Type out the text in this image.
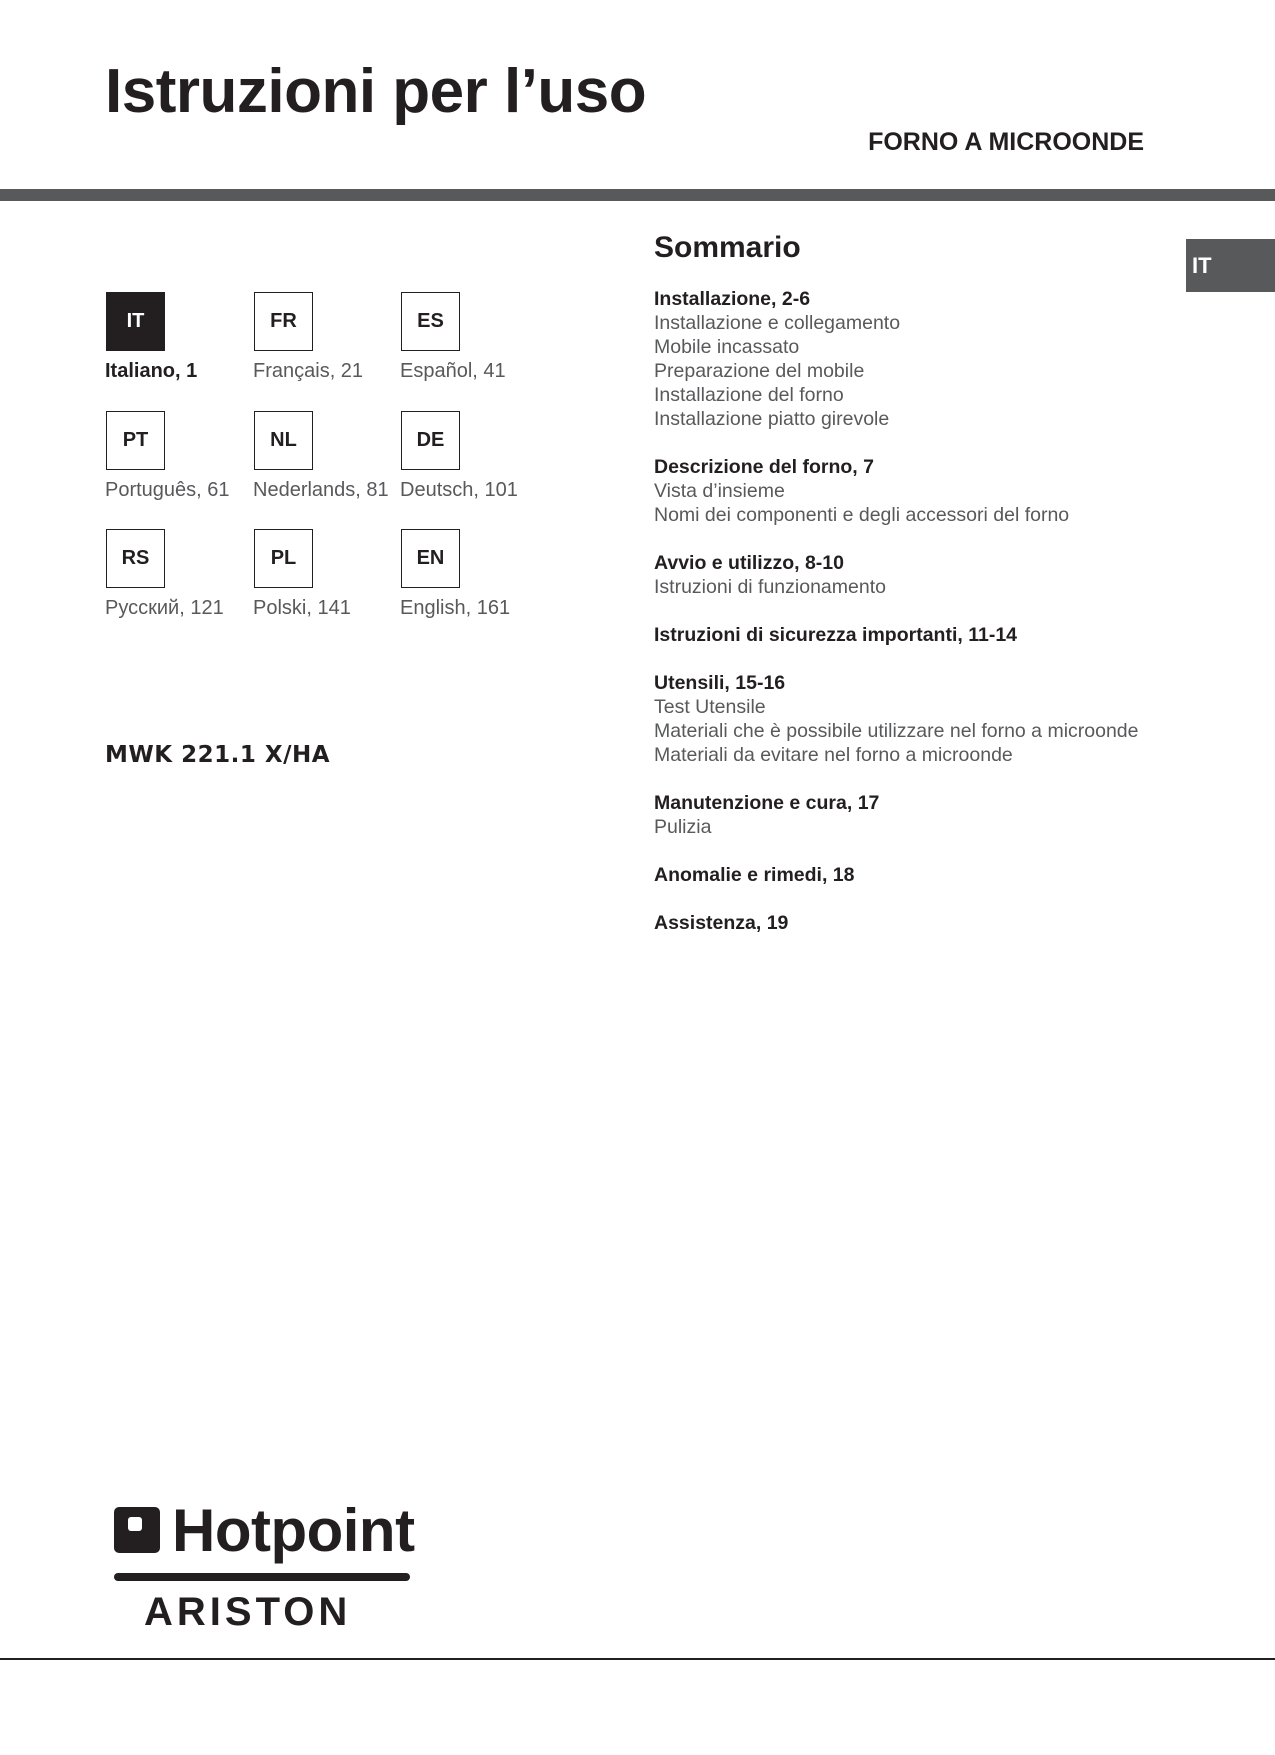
Istruzioni per l’uso
FORNO A MICROONDE
IT
IT
Italiano, 1
FR
Français, 21
ES
Español, 41
PT
Português, 61
NL
Nederlands, 81
DE
Deutsch, 101
RS
Русcкий, 121
PL
Polski, 141
EN
English, 161
MWK 221.1 X/HA
Sommario
Installazione, 2-6
Installazione e collegamento
Mobile incassato
Preparazione del mobile
Installazione del forno
Installazione piatto girevole
Descrizione del forno, 7
Vista d’insieme
Nomi dei componenti e degli accessori del forno
Avvio e utilizzo, 8-10
Istruzioni di funzionamento
Istruzioni di sicurezza importanti, 11-14
Utensili, 15-16
Test Utensile
Materiali che è possibile utilizzare nel forno a microonde
Materiali da evitare nel forno a microonde
Manutenzione e cura, 17
Pulizia
Anomalie e rimedi, 18
Assistenza, 19
Hotpoint
ARISTON
